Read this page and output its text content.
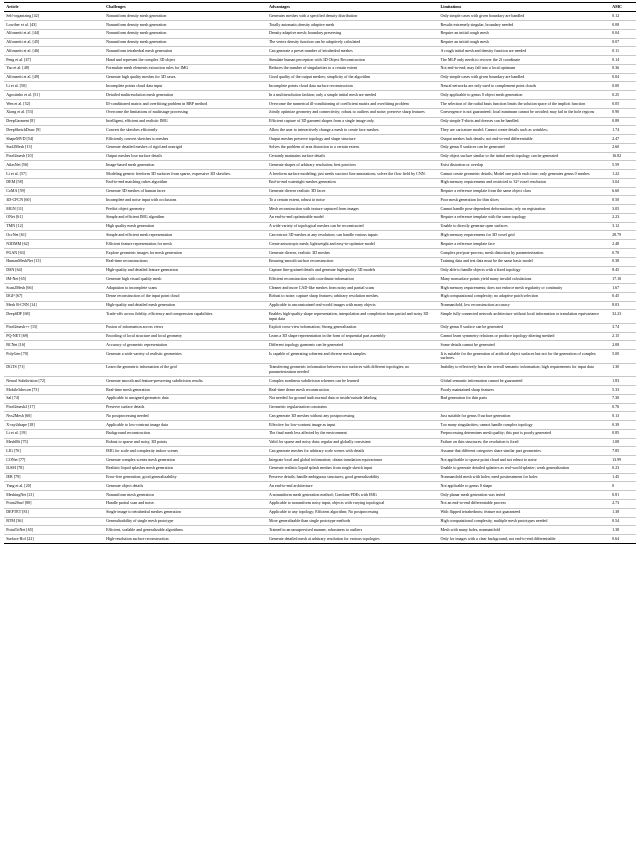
Article	Challenges	Advantages	Limitations	AMC
Self-organizing [42]	Nonuniform density mesh generation	Generates meshes with a specified density distribution	Only simple cases with given boundary are handled	0.12
Lowther et al. [43]	Nonuniform density mesh generation	Totally automatic,density adaptive mesh	Results extremely singular, boundary needed	0.08
Alfonzetti et al. [44]	Nonuniform density mesh generation	Density adaptive mesh; boundary preserving	Require an initial rough mesh	0.04
Alfonzetti et al. [45]	Nonuniform density mesh generation	The vertex density function can be adaptively calculated	Require an initial rough mesh	0.07
Alfonzetti et al. [46]	Nonuniform tetrahedral mesh generation	Can generate a preset number of tetrahedral meshes	A rough initial mesh and density function are needed	0.11
Peng et al. [47]	Hand and represent the complex 3D object	Simulate human perception with 3D Object Reconstruction	The MLP only needs to recover the 2f coordinate	0.14
Yao et al. [48]	Formulate mesh elements extraction rules for IMG	Reduces the number of singularities to a certain extent	Not end-to-end; may fall into a local optimum	0.36
Alfonzetti et al. [49]	Generate high quality meshes for 3D cases.	Good quality of the output meshes; simplicity of the algorithm	Only simple cases with given boundary are handled	0.04
Li et al. [50]	Incomplete points cloud data input	Incomplete points cloud data surface reconstruction	Neural networks are only used to complement point clouds	0.00
Agostinho et al. [51]	Detailed multiresolution mesh generation	In a multiresolution fashion; only a simple initial mesh are needed	Only applicable to genus 0 object mesh generation	0.25
Wen et al. [52]	Ill-conditioned matrix and overfitting problem in RBF method	Overcome the numerical ill-conditioning of coefficient matrix and overfitting problem	The selection of the radial basis function limits the solution space of the implicit function	0.05
Xiong et al. [53]	Overcome the limitations of multistage processing	Jointly optimize geometry and connectivity; robust to outliers and noise; preserve sharp features	Convergence is not guaranteed; local minimum cannot be avoided; may fail in the hole regions	0.90
DeepGarment [8]	Intelligent, efficient and realistic IMG	Efficient capture of 3D garment shapes from a single image only.	Only simple T-shirts and dresses can be handled.	0.89
DeepSketchDraw [9]	Convert the sketches efficiently	Allow the user to interactively change a mesh to create face meshes.	They are caricature model; Cannot create details such as wrinkles;	1.74
ShapeMVD [54]	Efficiently convert sketches to meshes	Output meshes preserve topology and shape structure	Output meshes lack details; not end-to-end differentiable	2.47
Surf2Mesh [13]	Generate detailed meshes of rigid and nonrigid	Solves the problem of area distortion to a certain extent.	Only genus 0 surfaces can be generated	2.60
Pixel2mesh [10]	Output meshes lose surface details	Certainly maintains surface details	Only object surface similar to the initial mesh topology can be generated	16.82
AtlasNet [56]	Image-based mesh generation	Generate shapes of arbitrary resolution; best practices	Exist distortion or overlap	5.59
Li et al. [57]	Modeling generic freeform 3D surfaces from sparse, expressive 3D sketches.	A freeform surface modeling; just needs succinct line annotations; solves the flow field by CNN.	Cannot create geometric details; Model one patch each time; only generates genus 0 meshes	1.22
DEM [58]	End-to-end matching cubes algorithm	End-to-end watertight meshes generation	High memory requirements and restricted to 32³ voxel resolution	3.04
CoMA [59]	Generate 3D meshes of human faces	Generate diverse realistic 3D faces	Require a reference template from the same object class	6.60
3D-CFCN [60]	Incomplete and noise input with occlusions	To a certain extent, robust to noise	Poor mesh generation for thin slices	0.50
MGN [11]	Predict object geometry	Mesh reconstruction with texture captured from images	Cannot handle pose dependent deformations; rely on registration	3.05
ONet [61]	Simple and efficient IMG algorithm	An end-to-end optimizable model	Require a reference template with the same topology	2.23
TMN [12]	High quality mesh generation	A wide variety of topological meshes can be reconstructed	Unable to directly generate open surfaces	3.12
OccNet [61]	Simple and efficient mesh representation	Can extract 3D meshes at any resolution; can handle various inputs	High memory requirements for 3D voxel grid	28.79
N3DMM [62]	Efficient feature representation for mesh	Create anisotropic mesh; lightweight and easy-to-optimize model	Require a reference template face	2.48
PGAN [63]	Explore geometric images for mesh generation	Generate diverse, realistic 3D meshes	Complex pre/post-process; mesh distortion by parameterization	0.70
HumanMeshNet [13]	Real-time reconstructions	Ensuring smooth surface reconstruction	Training data and test data must be the same basic model	0.38
DSN [64]	High-quality and detailed feature generation	Capture fine-grained details and generate high-quality 3D models	Only able to handle objects with a fixed topology	8.45
IM-Net [65]	Generate high visual quality mesh	Efficient reconstruction with coordinate information	Many nonsurface points yield many invalid calculations	17.10
Scan2Mesh [66]	Adaptation to incomplete scans	Cleaner and more CAD-like meshes from noisy and partial scans	High memory requirements; does not enforce mesh regularity or continuity	1.67
DGI³ [67]	Dense reconstruction of the input point cloud	Robust to noise; capture sharp features; arbitrary resolution meshes.	High computational complexity; no adaptive patch selection	0.45
Mesh R-CNN [14]	High-quality and detailed mesh generation	Applicable to unconstrained real-world images with many objects	Nonmanifold, low reconstruction accuracy	8.03
DeepSDF [68]	Trade-offs across fidelity, efficiency and compression capabilities	Enables high-quality shape representation, interpolation and completion from partial and noisy 3D input data	Simple fully connected network architecture without local information or translation equivariance	32.23
Pixel2mesh++ [15]	Fusion of information across views	Exploit cross-view information; Strong generalization	Only genus 0 surface can be generated	3.74
PQ-NET [69]	Encoding of local structure and local geometry	Learn a 3D shape representation in the form of sequential part assembly	Cannot learn symmetry relations or produce topology-altering meshed	2.15
BCNet [16]	Accuracy of geometric representation	Different topology garments can be generated	Some details cannot be generated	2.08
PolyGen [70]	Generate a wide variety of realistic geometries	Is capable of generating coherent and diverse mesh samples	It is suitable for the generation of artificial object surfaces but not for the generation of complex surfaces.	5.00
DGTS [71]	Learn the geometric information of the grid	Transferring geometric information between two surfaces with different topologies; no parameterization needed	Inability to effectively learn the overall semantic information; high requirements for input data	1.30
Neural Subdivision [72]	Generate smooth and feature-preserving subdivision results.	Complex nonlinear subdivision schemes can be learned	Global semantic information cannot be guaranteed	1.83
Mobile3drecon [73]	Real-time mesh generation	Real-time dense mesh reconstruction	Poorly maintained sharp features	5.33
Sal [74]	Applicable to unsigned geometric data	Not needed for ground truth normal data or inside/outside labeling	Bad generation for thin parts	7.30
Pixel2mesh2 [17]	Preserve surface details	Geometric regularization constrains		0.76
Nvs2Mesh [60]	No postprocessing needed	Can generate 3D meshes without any postprocessing	Just suitable for genus 0 surface generation	0.13
X-ray2shape [18]	Applicable to low-contrast image data	Effective for low-contrast image as input	Too many singularities; cannot handle complex topology	0.39
Li et al. [19]	Background reconstruction	The final mesh less affected by the environment	Preprocessing determines mesh quality; this part is poorly generated	0.85
MeshlRt [75]	Robust to sparse and noisy, 3D points	Valid for sparse and noisy data; regular and globally consistent	Failure on thin structures; the resolution is fixed	1.08
LIG [76]	IMG for scale and complexity indoor scenes	Can generate meshes for arbitrary scale scenes with details	Assume that different categories share similar part geometries	7.85
CONet [77]	Generate complex scenes mesh generation	Integrate local and global information; obtain translation equivariance	Not applicable to sparse point cloud and not robust to noise	13.99
ILSM [78]	Realistic liquid splashes mesh generation	Generate realistic liquid splash meshes from single sketch input	Unable to generate detailed splatters as real-world splatter; weak generalization	0.23
IER [79]	Error-free generation; good generalizability	Preserve details; handle ambiguous structures; good generalizability	Nonmanifold mesh with holes; need posttreatment for holes	1.45
Yang et al. [20]	Generate object details	An end-to-end architecture	Not applicable to genus 0 shape	0
MeshingNet [21]	Nonuniform mesh generation	A nonuniform mesh generation method; Combine PDEs with IMG	Only planar mesh generation was tested	0.81
Point2Surf [80]	Handle partial scan and noise.	Applicable to nonuniform noisy input, objects with varying topological	Not an end-to-end differentiable process	2.73
DEFTET [81]	Single image to tetrahedral meshes generation	Applicable to any topology; Efficient algorithm; No postprocessing	With flipped tetrahedrons; feature not guaranteed	1.38
BTM [36]	Generalizability of single mesh prototype	More generalizable than single prototype methods	High computational complexity, multiple mesh prototypes needed	0.54
PointTriNet [65]	Efficient, scalable and generalizable algorithms	Trained in an unsupervised manner, robustness to outliers	Mesh with many holes, nonmanifold	1.38
Surface Hof [22]	High-resolution surface reconstruction	Generate detailed mesh at arbitrary resolution for various topologies	Only for images with a clear background; not end-to-end differentiable	0.64
